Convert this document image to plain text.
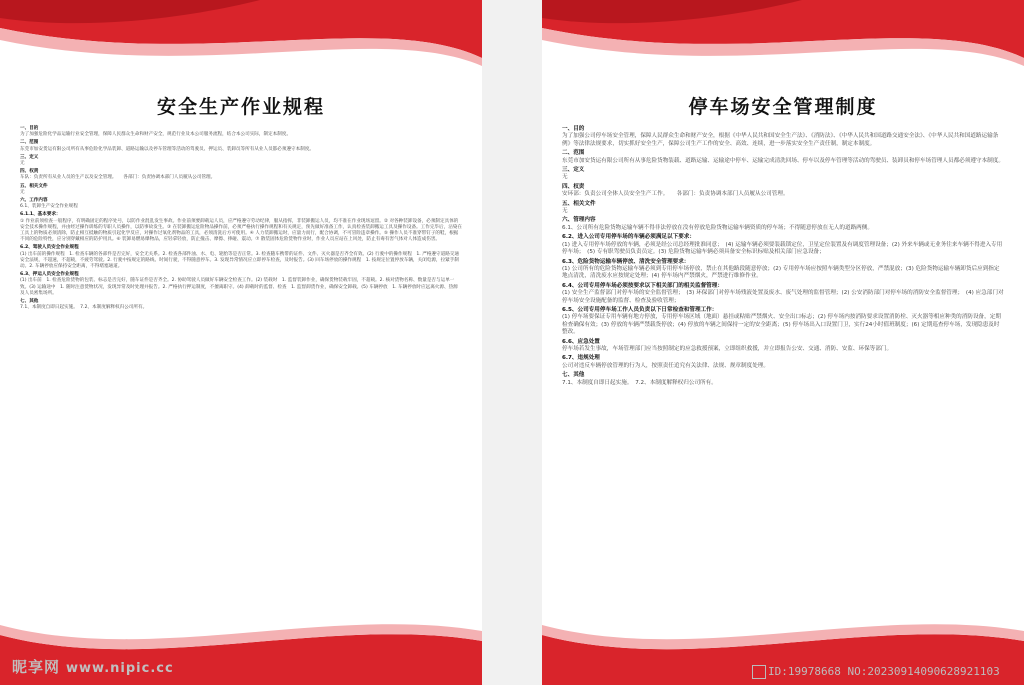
安全生产作业规程
一、目的
为了加强危险化学品运输行业安全管理，保障人民群众生命和财产安全，规范行业及本公司服务流程，结合本公司实际，制定本制度。
二、范围
东莞市加安货运有限公司所有从事危险化学品装卸、道路运输以及停车管理等活动的驾驶员、押运员、装卸员等所有从业人员都必须遵守本制度。
三、定义
无
四、权责
车队：负责所有从业人员的生产以及安全管理。　　各部门：负责协调本部门人员履从公司管理。
五、相关文件
无
六、工作内容
6.1、装卸生产安全作业规程
6.1.1、基本要求：
① 作业前须检查一般程序，有明确固定的程序处号，以防作业混乱发生事故。作业前须要卸载运人员，应严格遵守劳动纪律，服从指挥，非装卸搬运人员，均不准在作业现场逗留。② 对各种装卸设备，必须制定具体的安全技术操作规程，并由经过操作训练的专职人员操作，以防事故发生。③ 在装卸搬运危险物品操作前，必须严格执行操作规程和有关规定，预先做好准备工作，认真检查装卸搬运工具及操作设备。工作完毕后，沾染在工具上的物质必须清除，防止相互抵触的物质引起化学反应，对操作过氧化剂物品的工具，必须清洗后方可使用。④ 人力装卸搬运时，应量力而行，配合协调，不可冒险违章操作。⑤ 操作人员不准穿带钉子的鞋，根据不同的危险特性，应分别穿戴相应的防护用具。⑥ 装卸易燃易爆物品，应轻拿轻放，防止撞击、摩擦、摔碰、震动。⑦ 散装固体危险货物作业时，作业人员应站在上风处，防止有毒有害气体对人体造成伤害。
6.2、驾驶人员安全作业规程
(1) 出车前的操作规程　1. 检查车辆的各部件是否完好，安全无关系。2. 检查各部件油、水、电、轮胎等是否正常。3. 检查随车携带的证件、文件、灭火器是否齐全有效。(2) 行驶中的操作规程　1. 严格遵守道路交通安全法规，不超速，不超载，不疲劳驾驶。2. 行驶中按规定的路线、时间行驶，不得随意停车。3. 发现异常情况应立即停车检查，及时报告。(3) 回车场停放的操作规程　1. 按规定位置停放车辆，关闭电源，拉紧手制动。2. 车辆停放应保持安全距离，不得堵塞通道。
6.3、押运人员安全作业规程
(1) 出车前　1. 检查危险货物的包装、标志是否完好，随车证件是否齐全。2. 协助驾驶人员做好车辆安全检查工作。(2) 装载时　1. 监督装卸作业，确保货物装载牢固，不超载。2. 核对货物名称、数量是否与运单一致。(3) 运输途中　1. 随时注意货物状况，发现异常及时处理并报告。2. 严格执行押运制度，不擅离职守。(4) 卸载时的监督、检查　1. 监督卸货作业，确保安全卸载。(5) 车辆停放　1. 车辆停放时应远离火源、热源及人员密集场所。
七、其他
7.1、本制度自即日起实施。　7.2、本制度解释权归公司所有。
昵享网 www.nipic.cc
停车场安全管理制度
一、目的
为了加强公司停车场安全管理，保障人民群众生命和财产安全，根据《中华人民共和国安全生产法》、《消防法》、《中华人民共和国道路交通安全法》、《中华人民共和国道路运输条例》等法律法规要求，切实抓好安全生产，保障公司生产工作的安全、高效、连续，进一步落实安全生产责任制，制定本制度。
二、范围
东莞市加安货运有限公司所有从事危险货物装载、道路运输、运输途中停车、运输完成清洗回场、停车以及停车管理等活动的驾驶员、装卸员和停车场管理人员都必须遵守本制度。
三、定义
无
四、权责
安环部：负责公司全体人员安全生产工作。　　各部门：负责协调本部门人员履从公司管理。
五、相关文件
无
六、管理内容
6.1、公司所有危险货物运输车辆不得非法停放在没有停放危险货物运输车辆资质的停车场；不得随意停放在无人的道路两侧。
6.2、进入公司专用停车场的车辆必须满足以下要求：
(1) 进入专用停车场停放的车辆，必须是经公司总经理批准同意；　(4) 运输车辆必须要装载锁定位，卫星定位装置及有调度管理设备；(2) 外来车辆或无业务往来车辆不得进入专用停车场；　(5) 专有职驾驶员负责员定。(3) 危险货物运输车辆必须具备安全标识标贴及相关部门应急设备；
6.3、危险货物运输车辆停放、清洗安全管理要求：
(1) 公司所有的危险货物运输车辆必须到专用停车场停放，禁止在其他路段随意停放；(2) 专用停车场应按照车辆类型分区停放，严禁混放；(3) 危险货物运输车辆卸货后应到指定地点清洗，清洗废水应按规定处理；(4) 停车场内严禁烟火，严禁进行维修作业。
6.4、公司专用停车场必须按要求以下相关部门的相关监督管理：
(1) 安全生产监督部门对停车场的安全监督管理；　(3) 环保部门对停车场残液处置及废水、废气处理的监督管理；(2) 公安消防部门对停车场的消防安全监督管理；　(4) 应急部门对停车场安全设施配备的监督、检查及验收管理；
6.5、公司专用停车场工作人员负责以下日常检查和管理工作：
(1) 停车场要保证专用车辆有地方停放，专用停车场区域（地面）悬挂或粘贴严禁烟火、安全出口标志；(2) 停车场内按消防要求设置消防栓、灭火器等相应种类的消防设备，定期检查确保有效；(3) 停放的车辆严禁载货停放；(4) 停放的车辆之间保持一定的安全距离；(5) 停车场出入口设置门卫，实行24小时值班制度；(6) 定期巡查停车场，发现隐患及时整改。
6.6、应急处置
停车场若发生事故，车场管理部门应当按照制定的应急救援预案，立即组织救援，并立即报告公安、交通、消防、安监、环保等部门。
6.7、违规处理
公司对违反车辆停放管理的行为人，按照责任追究有关法律、法规、规章制度处理。
七、其他
7.1、本制度自即日起实施。　7.2、本制度解释权归公司所有。
ID:19978668 NO:20230914090628921103
